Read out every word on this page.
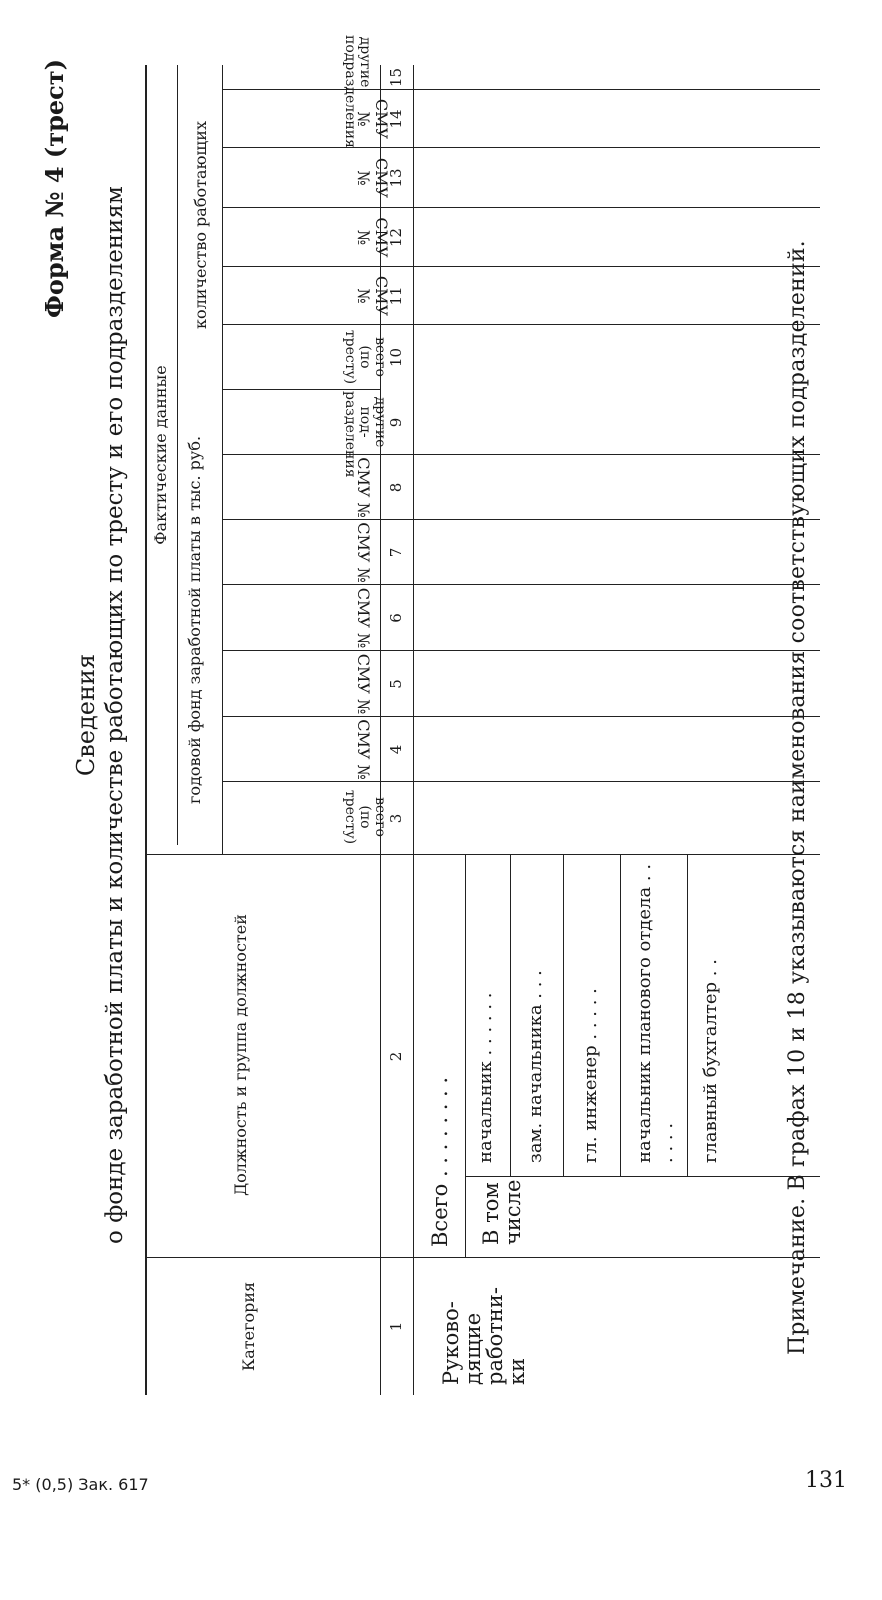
Форма № 4 (трест)
Сведения о фонде заработной платы и количестве работающих по тресту и его подразделениям
Категория
Должность и группа должностей
Фактические данные годовой фонд заработной платы в тыс. руб.
количество работающих
всего (по тресту)
СМУ №
СМУ №
СМУ №
СМУ №
СМУ №
другие под-разделения
всего (по тресту)
СМУ №
СМУ №
СМУ №
СМУ №
другие подразделения
1
2
3
4
5
6
7
8
9
10
11
12
13
14
15
Руково-дящие работни-ки
Всего . . . . . . . . В том числе
начальник . . . . . . зам. начальника . . . гл. инженер . . . . . начальник планового отдела . . . . . . главный бухгалтер . .	Примечание. В графах 10 и 18 указываются наименования соответствующих подразделений.
5* (0,5) Зак. 617	131
